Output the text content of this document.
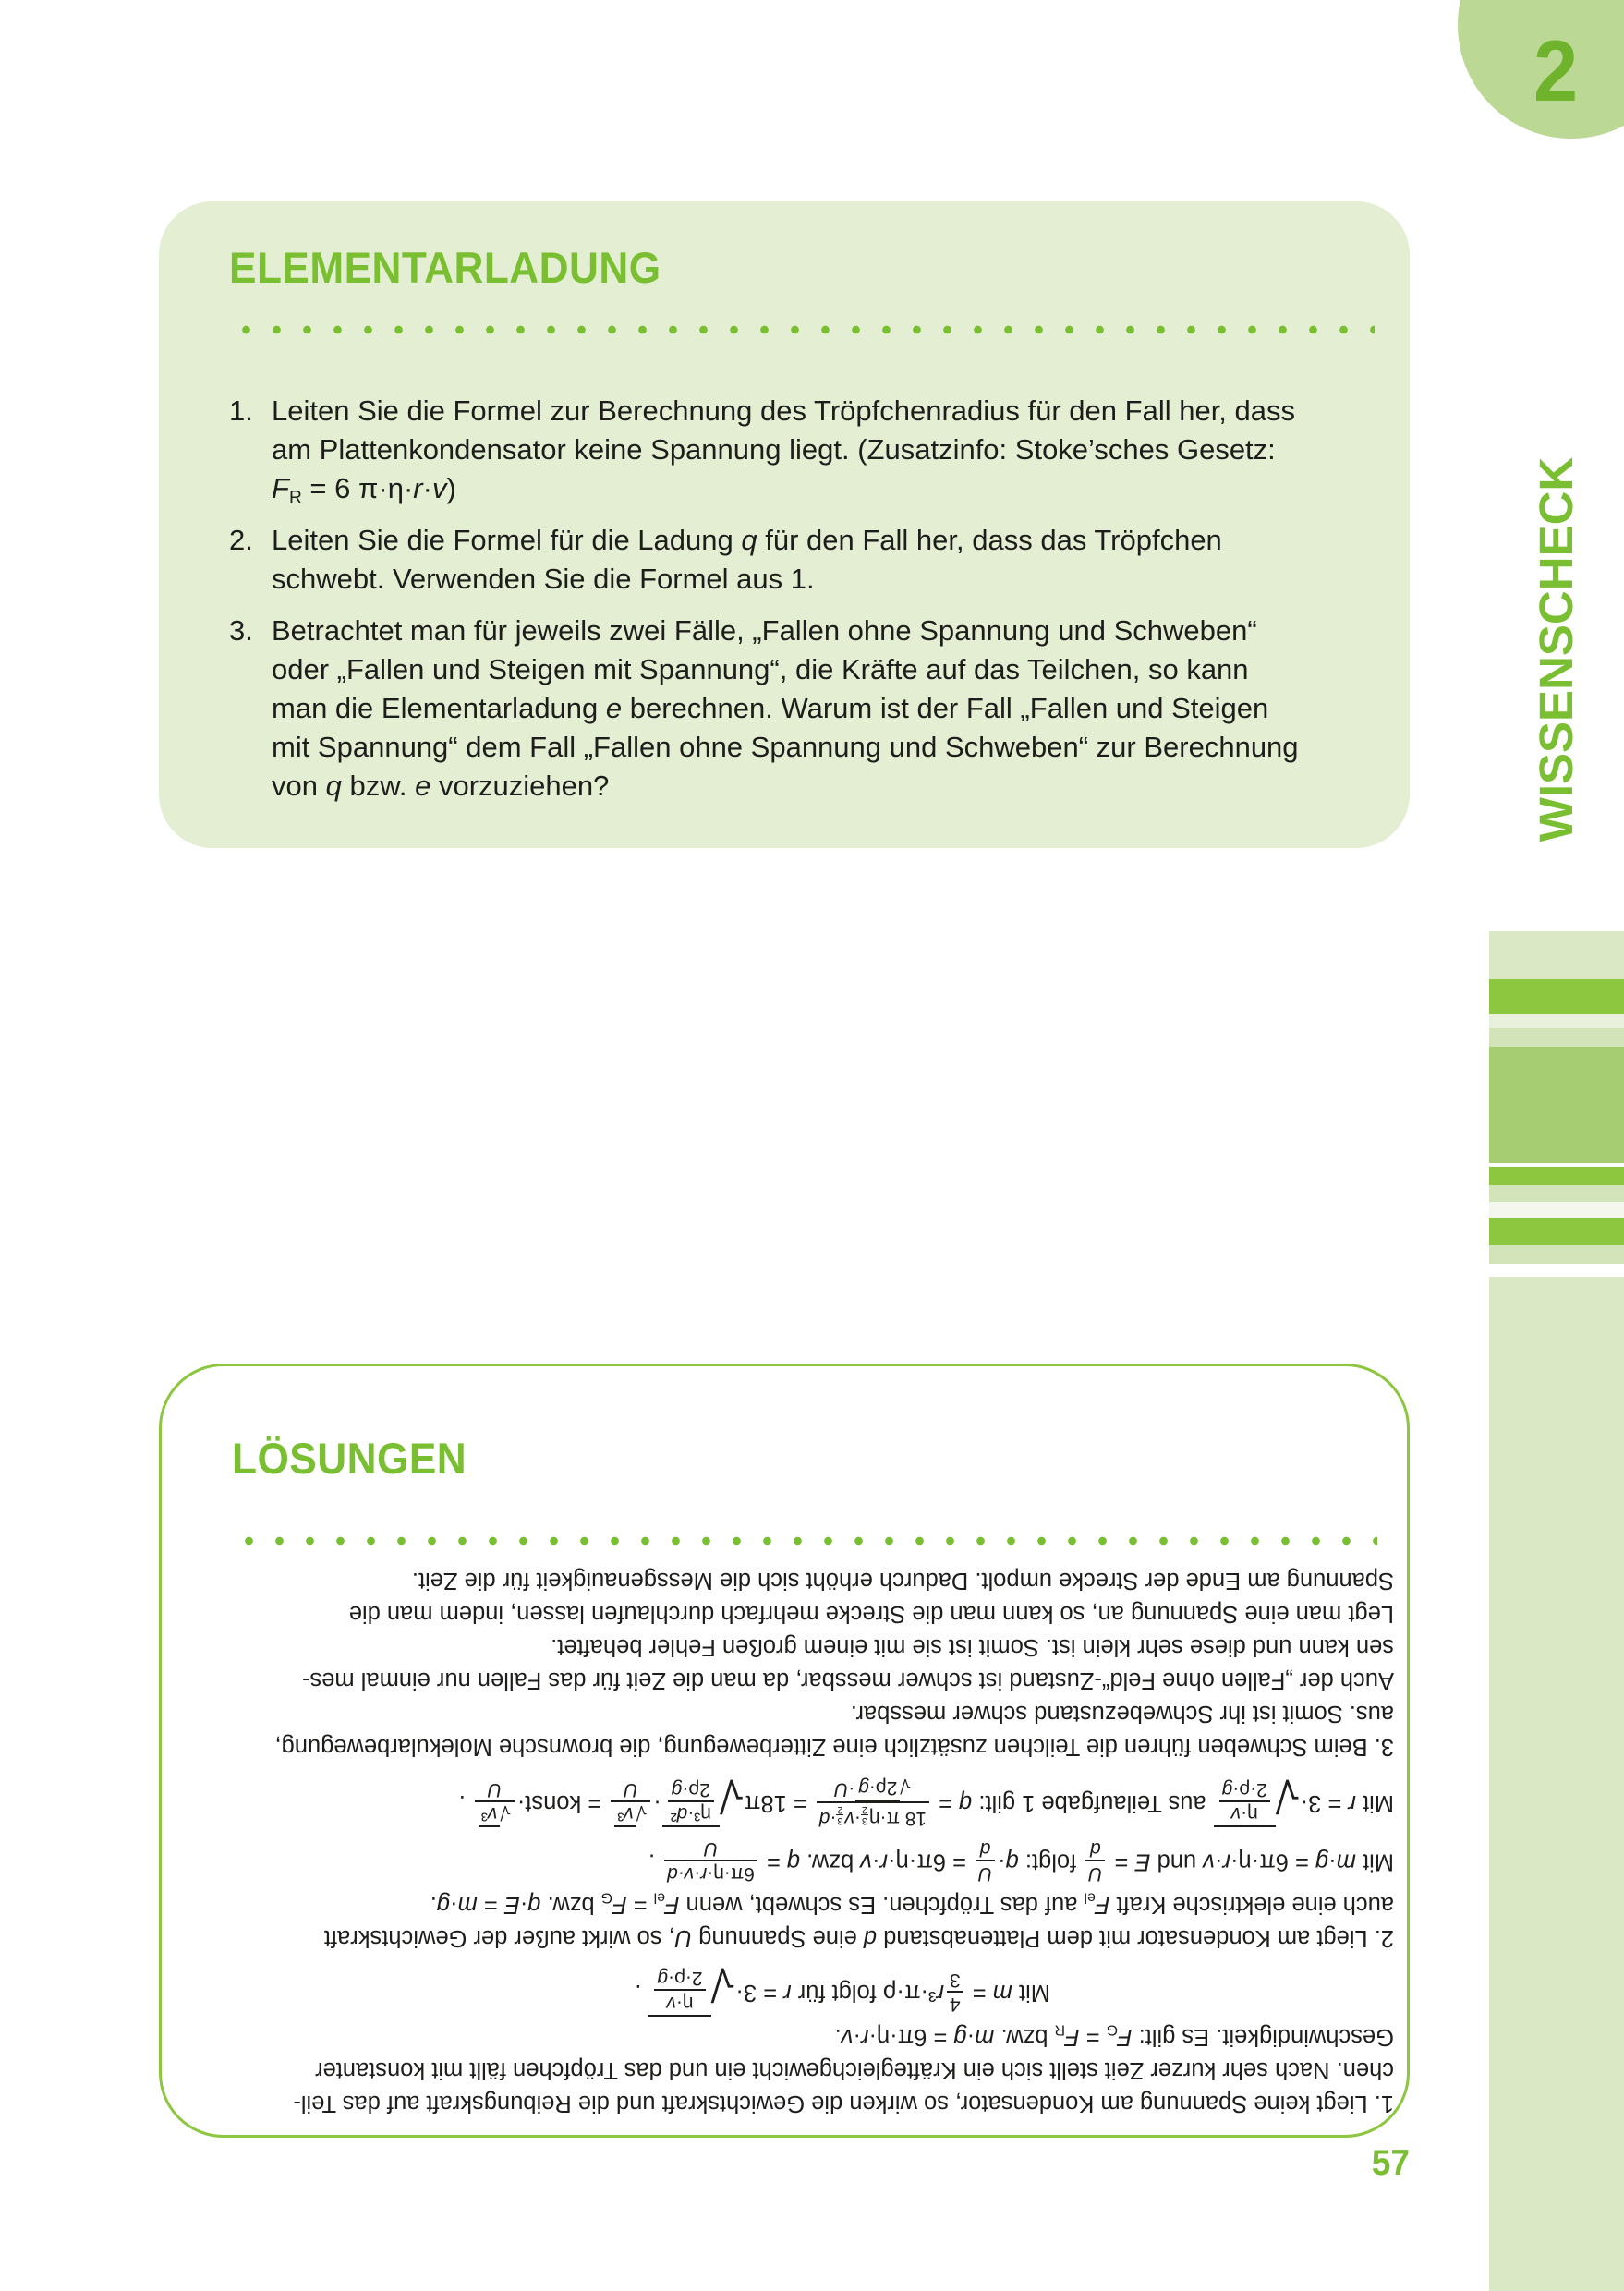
2
WISSENSCHECK
ELEMENTARLADUNG
1. Leiten Sie die Formel zur Berechnung des Tröpfchenradius für den Fall her, dass
am Plattenkondensator keine Spannung liegt. (Zusatzinfo: Stoke’sches Gesetz:
$F_R = 6$ π·η·r·v)
2. Leiten Sie die Formel für die Ladung q für den Fall her, dass das Tröpfchen
schwebt. Verwenden Sie die Formel aus 1.
3. Betrachtet man für jeweils zwei Fälle, „Fallen ohne Spannung und Schweben“
oder „Fallen und Steigen mit Spannung“, die Kräfte auf das Teilchen, so kann
man die Elementarladung e berechnen. Warum ist der Fall „Fallen und Steigen
mit Spannung“ dem Fall „Fallen ohne Spannung und Schweben“ zur Berechnung
von q bzw. e vorzuziehen?
LÖSUNGEN
1. Liegt keine Spannung am Kondensator, so wirken die Gewichtskraft und die Reibungskraft auf das Teil-
chen. Nach sehr kurzer Zeit stellt sich ein Kräftegleichgewicht ein und das Tröpfchen fällt mit konstanter
Geschwindigkeit. Es gilt: $F_G = F_R$ bzw. m·g = 6π·η·r·v.
Mit m =
4
3
r³·π·ρ folgt für r = 3·
√
η·v
2·ρ·g
.
2. Liegt am Kondensator mit dem Plattenabstand d eine Spannung U, so wirkt außer der Gewichtskraft
auch eine elektrische Kraft $F_{el}$ auf das Tröpfchen. Es schwebt, wenn $F_{el} = F_G$ bzw. q·E = m·g.
Mit m·g = 6π·η·r·v und E =
U
d
folgt: q·
U
d
= 6π·η·r·v bzw. q =
6π·η·r·v·d
U
.
Mit r = 3·
√
η·v
2·ρ·g
aus Teilaufgabe 1 gilt: q =
18 π·η
3
2
·v
3
2
·d
√
2ρ·
g
·U
= 18π
√
η³·d²
2ρ·g
·
√
v
³
U
= konst·
√
v
³
U
.
3. Beim Schweben führen die Teilchen zusätzlich eine Zitterbewegung, die brownsche Molekularbewegung,
aus. Somit ist ihr Schwebezustand schwer messbar.
Auch der „Fallen ohne Feld“-Zustand ist schwer messbar, da man die Zeit für das Fallen nur einmal mes-
sen kann und diese sehr klein ist. Somit ist sie mit einem großen Fehler behaftet.
Legt man eine Spannung an, so kann man die Strecke mehrfach durchlaufen lassen, indem man die
Spannung am Ende der Strecke umpolt. Dadurch erhöht sich die Messgenauigkeit für die Zeit.
57
